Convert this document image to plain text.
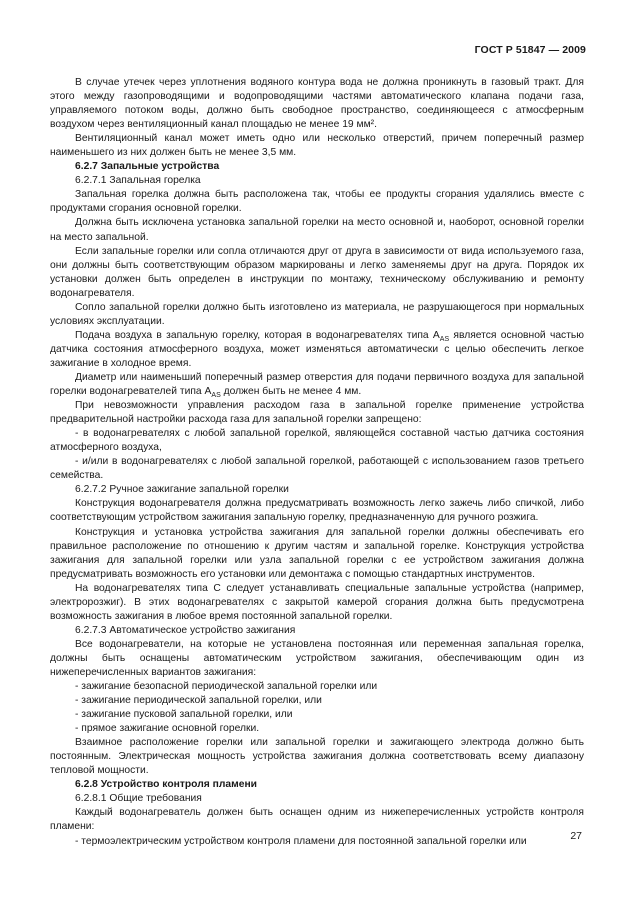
ГОСТ Р 51847 — 2009

В случае утечек через уплотнения водяного контура вода не должна проникнуть в газовый тракт. Для этого между газопроводящими и водопроводящими частями автоматического клапана подачи газа, управляемого потоком воды, должно быть свободное пространство, соединяющееся с атмосферным воздухом через вентиляционный канал площадью не менее 19 мм².

Вентиляционный канал может иметь одно или несколько отверстий, причем поперечный размер наименьшего из них должен быть не менее 3,5 мм.

6.2.7 Запальные устройства

6.2.7.1 Запальная горелка

Запальная горелка должна быть расположена так, чтобы ее продукты сгорания удалялись вместе с продуктами сгорания основной горелки.

Должна быть исключена установка запальной горелки на место основной и, наоборот, основной горелки на место запальной.

Если запальные горелки или сопла отличаются друг от друга в зависимости от вида используемого газа, они должны быть соответствующим образом маркированы и легко заменяемы друг на друга. Порядок их установки должен быть определен в инструкции по монтажу, техническому обслуживанию и ремонту водонагревателя.

Сопло запальной горелки должно быть изготовлено из материала, не разрушающегося при нормальных условиях эксплуатации.

Подача воздуха в запальную горелку, которая в водонагревателях типа $A_{AS}$ является основной частью датчика состояния атмосферного воздуха, может изменяться автоматически с целью обеспечить легкое зажигание в холодное время.

Диаметр или наименьший поперечный размер отверстия для подачи первичного воздуха для запальной горелки водонагревателей типа $A_{AS}$ должен быть не менее 4 мм.

При невозможности управления расходом газа в запальной горелке применение устройства предварительной настройки расхода газа для запальной горелки запрещено:

- в водонагревателях с любой запальной горелкой, являющейся составной частью датчика состояния атмосферного воздуха,

- и/или в водонагревателях с любой запальной горелкой, работающей с использованием газов третьего семейства.

6.2.7.2 Ручное зажигание запальной горелки

Конструкция водонагревателя должна предусматривать возможность легко зажечь либо спичкой, либо соответствующим устройством зажигания запальную горелку, предназначенную для ручного розжига.

Конструкция и установка устройства зажигания для запальной горелки должны обеспечивать его правильное расположение по отношению к другим частям и запальной горелке. Конструкция устройства зажигания для запальной горелки или узла запальной горелки с ее устройством зажигания должна предусматривать возможность его установки или демонтажа с помощью стандартных инструментов.

На водонагревателях типа С следует устанавливать специальные запальные устройства (например, электророзжиг). В этих водонагревателях с закрытой камерой сгорания должна быть предусмотрена возможность зажигания в любое время постоянной запальной горелки.

6.2.7.3 Автоматическое устройство зажигания

Все водонагреватели, на которые не установлена постоянная или переменная запальная горелка, должны быть оснащены автоматическим устройством зажигания, обеспечивающим один из нижеперечисленных вариантов зажигания:

- зажигание безопасной периодической запальной горелки или

- зажигание периодической запальной горелки, или

- зажигание пусковой запальной горелки, или

- прямое зажигание основной горелки.

Взаимное расположение горелки или запальной горелки и зажигающего электрода должно быть постоянным. Электрическая мощность устройства зажигания должна соответствовать всему диапазону тепловой мощности.

6.2.8 Устройство контроля пламени

6.2.8.1 Общие требования

Каждый водонагреватель должен быть оснащен одним из нижеперечисленных устройств контроля пламени:

- термоэлектрическим устройством контроля пламени для постоянной запальной горелки или	27
